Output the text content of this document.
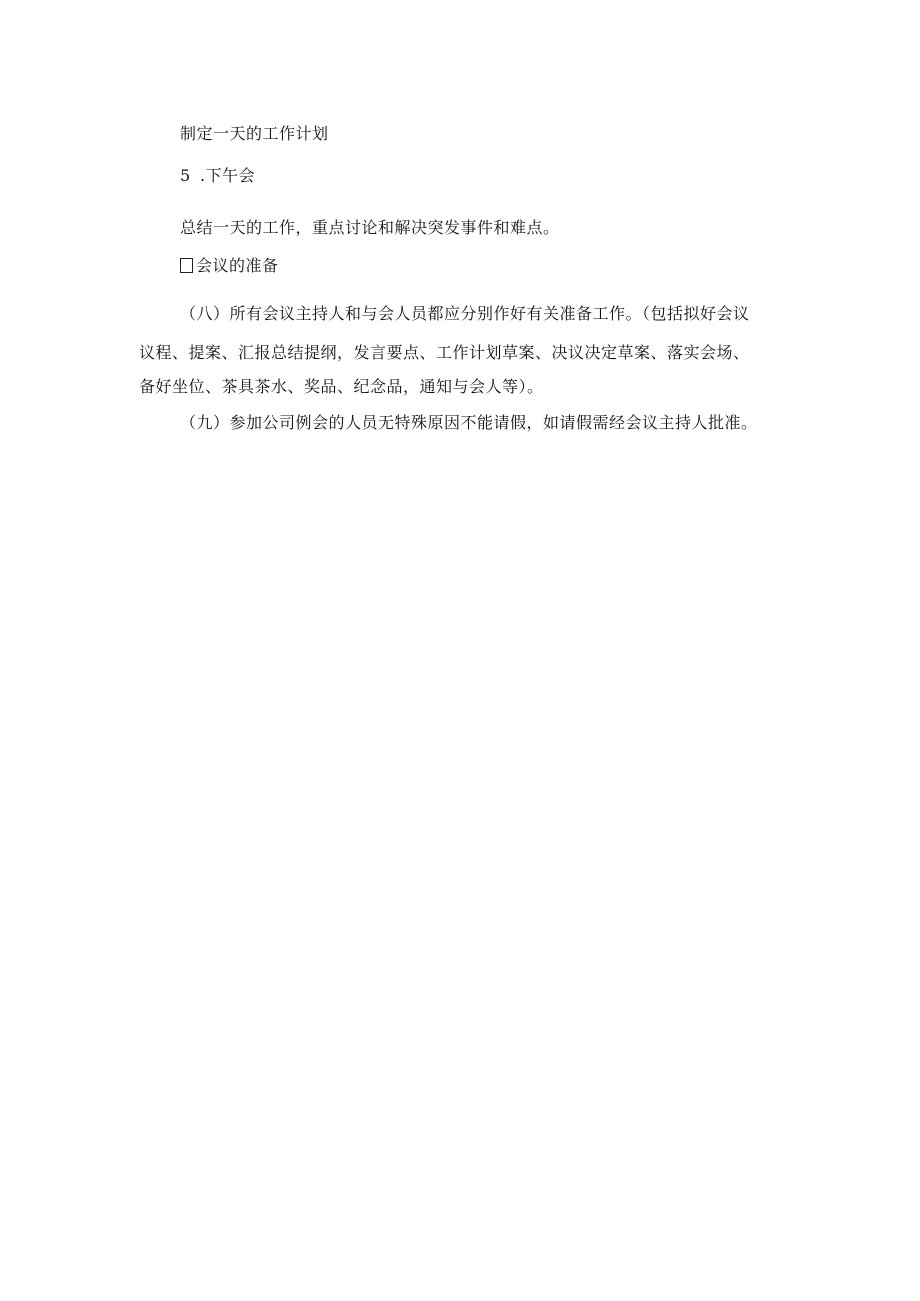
制定一天的工作计划
5 .下午会
总结一天的工作，重点讨论和解决突发事件和难点。
会议的准备
（八）所有会议主持人和与会人员都应分别作好有关准备工作。（包括拟好会议
议程、提案、汇报总结提纲，发言要点、工作计划草案、决议决定草案、落实会场、
备好坐位、茶具茶水、奖品、纪念品，通知与会人等）。
（九）参加公司例会的人员无特殊原因不能请假，如请假需经会议主持人批准。
